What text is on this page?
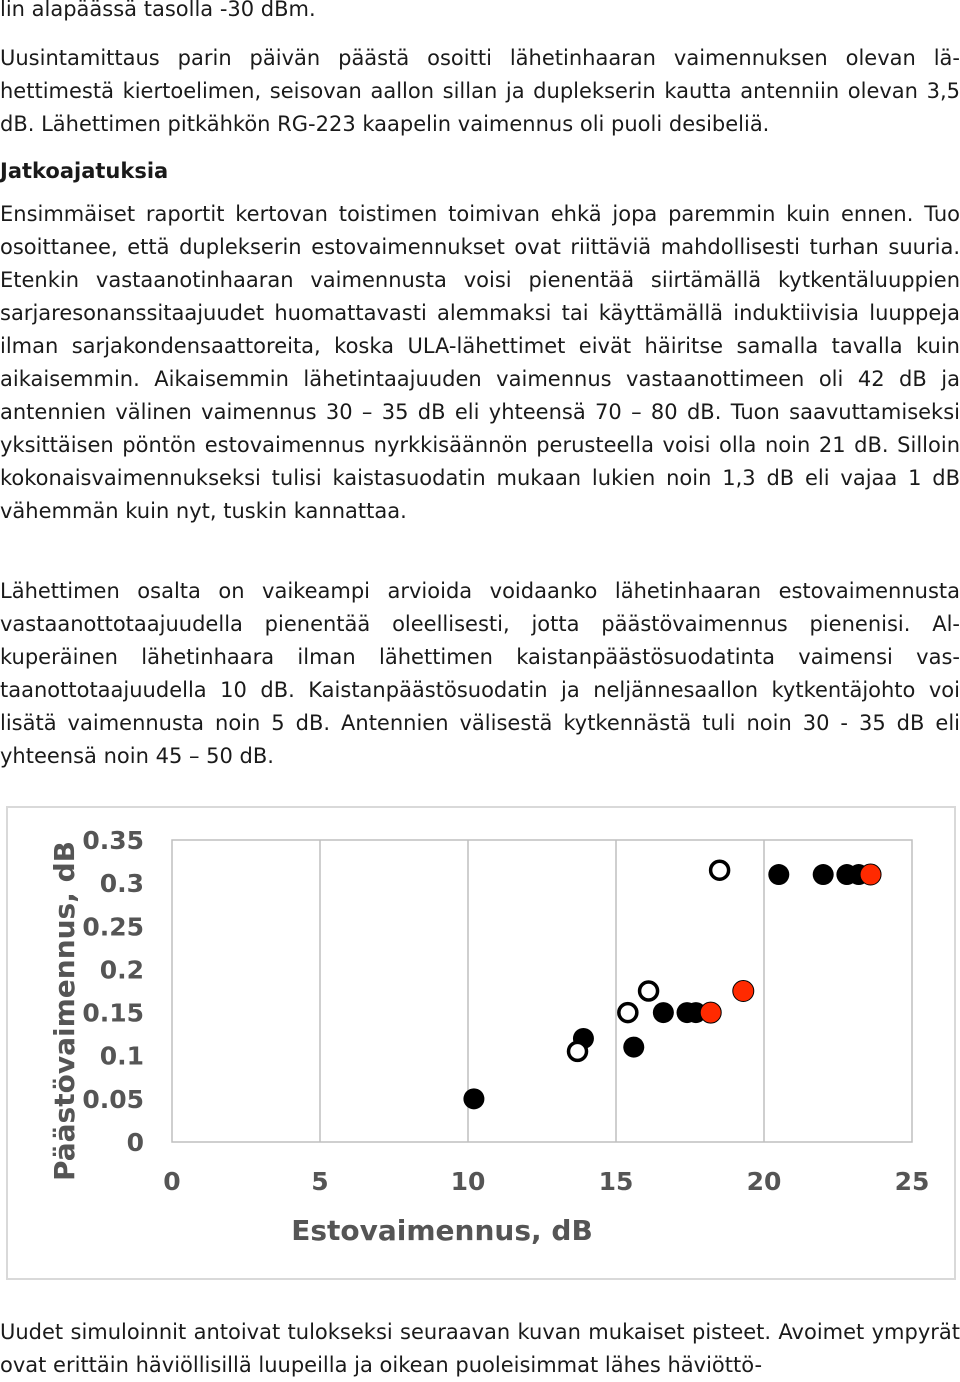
lin alapäässä tasolla -30 dBm.

Uusintamittaus parin päivän päästä osoitti lähetinhaaran vaimennuksen olevan lähettimestä kiertoelimen, seisovan aallon sillan ja duplekserin kautta antenniin olevan 3,5 dB. Lähettimen pitkähkön RG-223 kaapelin vaimennus oli puoli desibeliä.

Jatkoajatuksia

Ensimmäiset raportit kertovan toistimen toimivan ehkä jopa paremmin kuin ennen. Tuo osoittanee, että duplekserin estovaimennukset ovat riittäviä mahdollisesti turhan suuria. Etenkin vastaanotinhaaran vaimennusta voisi pienentää siirtämällä kytkentäluuppien sarjaresonanssitaajuudet huomattavasti alemmaksi tai käyttämällä induktiivisia luuppeja ilman sarjakondensaattoreita, koska ULA-lähettimet eivät häiritse samalla tavalla kuin aikaisemmin. Aikaisemmin lähetintaajuuden vaimennus vastaanottimeen oli 42 dB ja antennien välinen vaimennus 30 – 35 dB eli yhteensä 70 – 80 dB. Tuon saavuttamiseksi yksittäisen pöntön estovaimennus nyrkkisäännön perusteella voisi olla noin 21 dB. Silloin kokonaisvaimennukseksi tulisi kaistasuodatin mukaan lukien noin 1,3 dB eli vajaa 1 dB vähemmän kuin nyt, tuskin kannattaa.

Lähettimen osalta on vaikeampi arvioida voidaanko lähetinhaaran estovaimennusta vastaanottotaajuudella pienentää oleellisesti, jotta päästövaimennus pienenisi. Alkuperäinen lähetinhaara ilman lähettimen kaistanpäästösuodatinta vaimensi vastaanottotaajuudella 10 dB. Kaistanpäästösuodatin ja neljännesaallon kytkentäjohto voi lisätä vaimennusta noin 5 dB. Antennien välisestä kytkennästä tuli noin 30 - 35 dB eli yhteensä noin 45 – 50 dB.

0	5	10	15	20	25
0
0.05
0.1
0.15
0.2
0.25
0.3
0.35
Estovaimennus, dB
Päästövaimennus, dB

Uudet simuloinnit antoivat tulokseksi seuraavan kuvan mukaiset pisteet. Avoimet ympyrät ovat erittäin häviöllisillä luupeilla ja oikean puoleisimmat lähes häviöttö-
